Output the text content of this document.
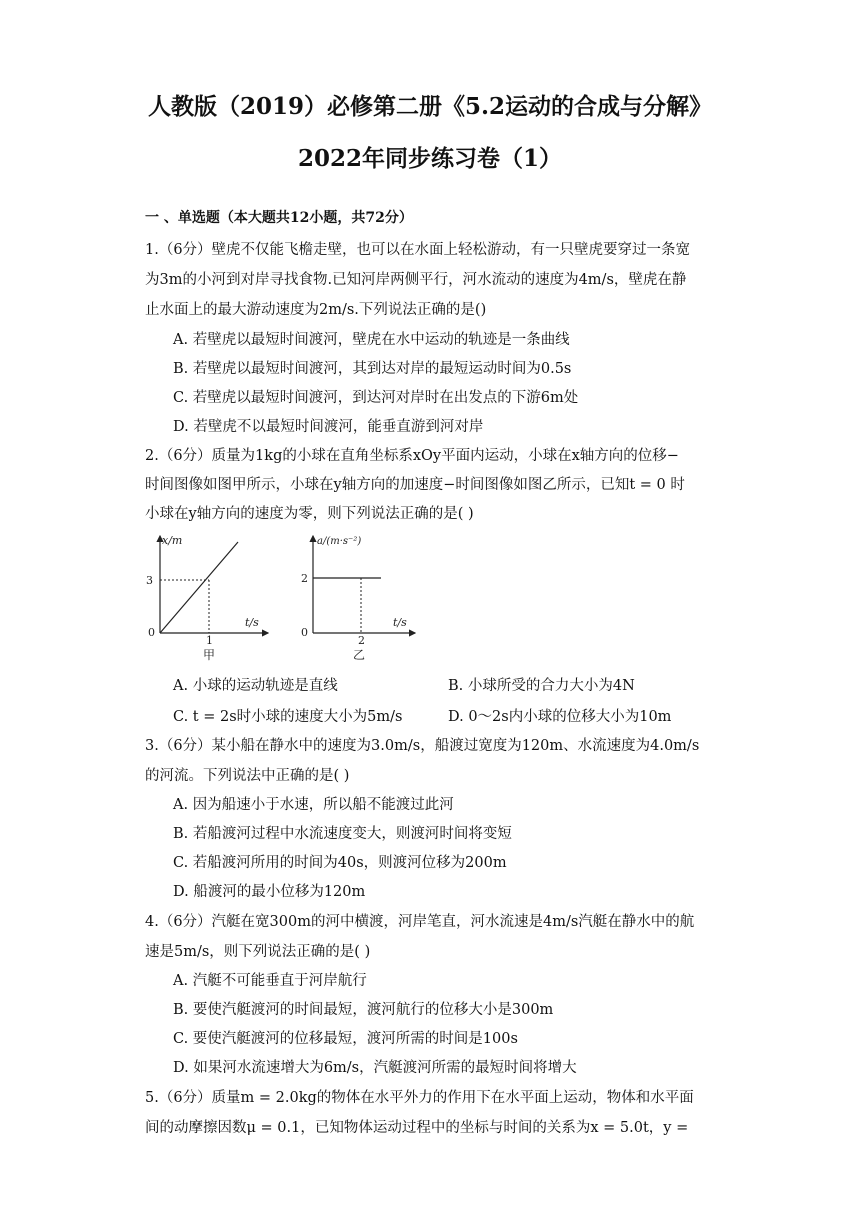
人教版（2019）必修第二册《5.2运动的合成与分解》
2022年同步练习卷（1）
一 、单选题（本大题共12小题，共72分）
1.（6分）壁虎不仅能飞檐走壁，也可以在水面上轻松游动，有一只壁虎要穿过一条宽
为3m的小河到对岸寻找食物.已知河岸两侧平行，河水流动的速度为4m/s，壁虎在静
止水面上的最大游动速度为2m/s.下列说法正确的是()
A. 若壁虎以最短时间渡河，壁虎在水中运动的轨迹是一条曲线
B. 若壁虎以最短时间渡河，其到达对岸的最短运动时间为0.5s
C. 若壁虎以最短时间渡河，到达河对岸时在出发点的下游6m处
D. 若壁虎不以最短时间渡河，能垂直游到河对岸
2.（6分）质量为1kg的小球在直角坐标系xOy平面内运动，小球在x轴方向的位移−
时间图像如图甲所示，小球在y轴方向的加速度−时间图像如图乙所示，已知t = 0 时
小球在y轴方向的速度为零，则下列说法正确的是( )
x/m
3
0
1
t/s
甲
a/(m·s⁻²)
2
0
2
t/s
乙
A. 小球的运动轨迹是直线	B. 小球所受的合力大小为4N
C. t = 2s时小球的速度大小为5m/s	D. 0～2s内小球的位移大小为10m
3.（6分）某小船在静水中的速度为3.0m/s，船渡过宽度为120m、水流速度为4.0m/s
的河流。下列说法中正确的是( )
A. 因为船速小于水速，所以船不能渡过此河
B. 若船渡河过程中水流速度变大，则渡河时间将变短
C. 若船渡河所用的时间为40s，则渡河位移为200m
D. 船渡河的最小位移为120m
4.（6分）汽艇在宽300m的河中横渡，河岸笔直，河水流速是4m/s汽艇在静水中的航
速是5m/s，则下列说法正确的是( )
A. 汽艇不可能垂直于河岸航行
B. 要使汽艇渡河的时间最短，渡河航行的位移大小是300m
C. 要使汽艇渡河的位移最短，渡河所需的时间是100s
D. 如果河水流速增大为6m/s，汽艇渡河所需的最短时间将增大
5.（6分）质量m = 2.0kg的物体在水平外力的作用下在水平面上运动，物体和水平面
间的动摩擦因数μ = 0.1，已知物体运动过程中的坐标与时间的关系为x = 5.0t，y =
